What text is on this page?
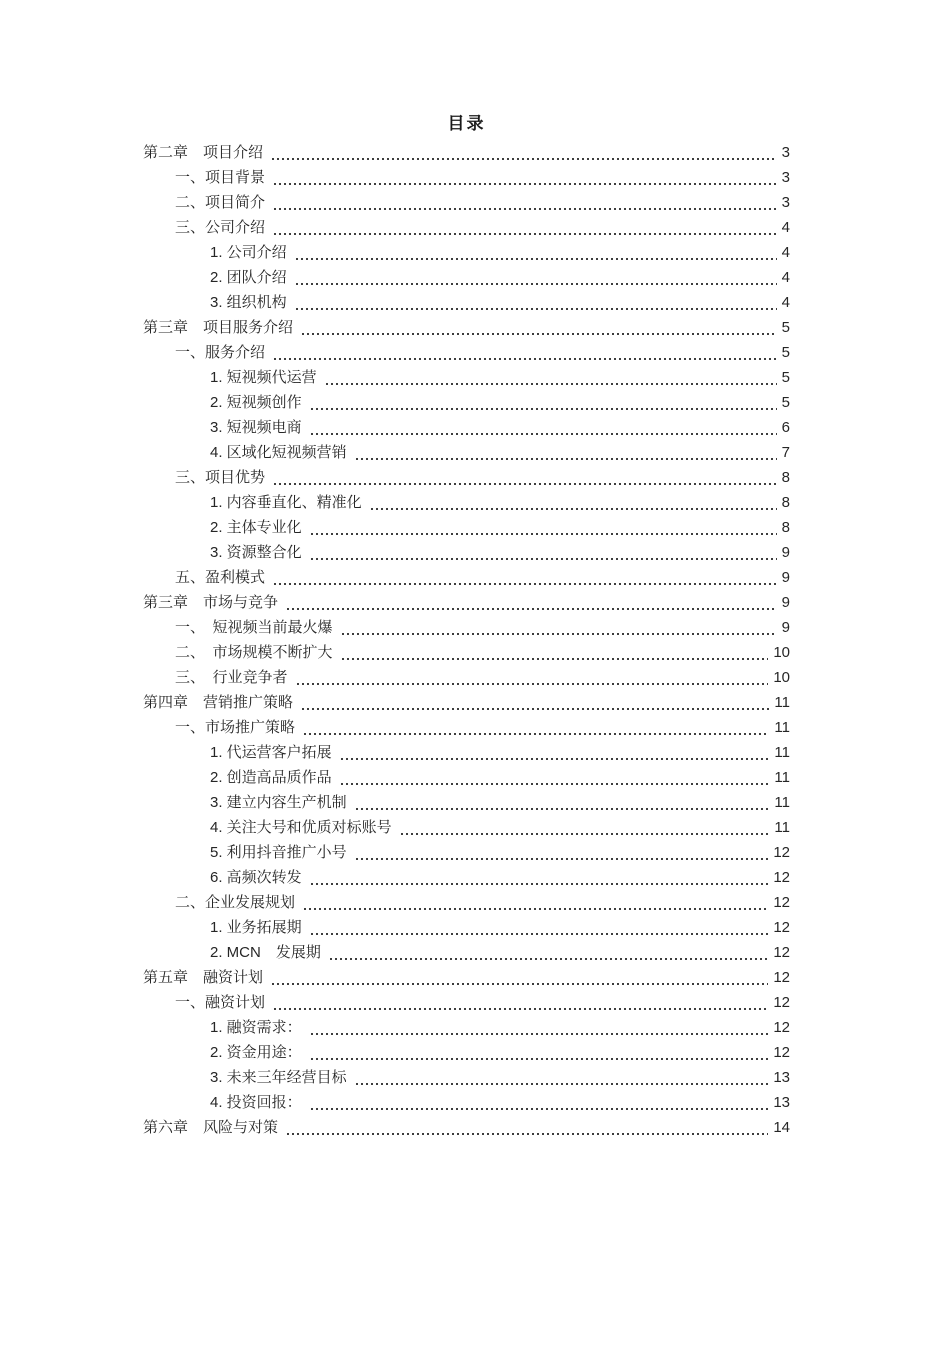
目录
第二章　项目介绍	3
一、项目背景	3
二、项目简介	3
三、公司介绍	4
1. 公司介绍	4
2. 团队介绍	4
3. 组织机构	4
第三章　项目服务介绍	5
一、服务介绍	5
1. 短视频代运营	5
2. 短视频创作	5
3. 短视频电商	6
4. 区域化短视频营销	7
三、项目优势	8
1. 内容垂直化、精准化	8
2. 主体专业化	8
3. 资源整合化	9
五、盈利模式	9
第三章　市场与竞争	9
一、　短视频当前最火爆	9
二、　市场规模不断扩大	10
三、　行业竞争者	10
第四章　营销推广策略	11
一、市场推广策略	11
1. 代运营客户拓展	11
2. 创造高品质作品	11
3. 建立内容生产机制	11
4. 关注大号和优质对标账号	11
5. 利用抖音推广小号	12
6. 高频次转发	12
二、企业发展规划	12
1. 业务拓展期	12
2. MCN　发展期	12
第五章　融资计划	12
一、融资计划	12
1. 融资需求：	12
2. 资金用途：	12
3. 未来三年经营目标	13
4. 投资回报：	13
第六章　风险与对策	14
